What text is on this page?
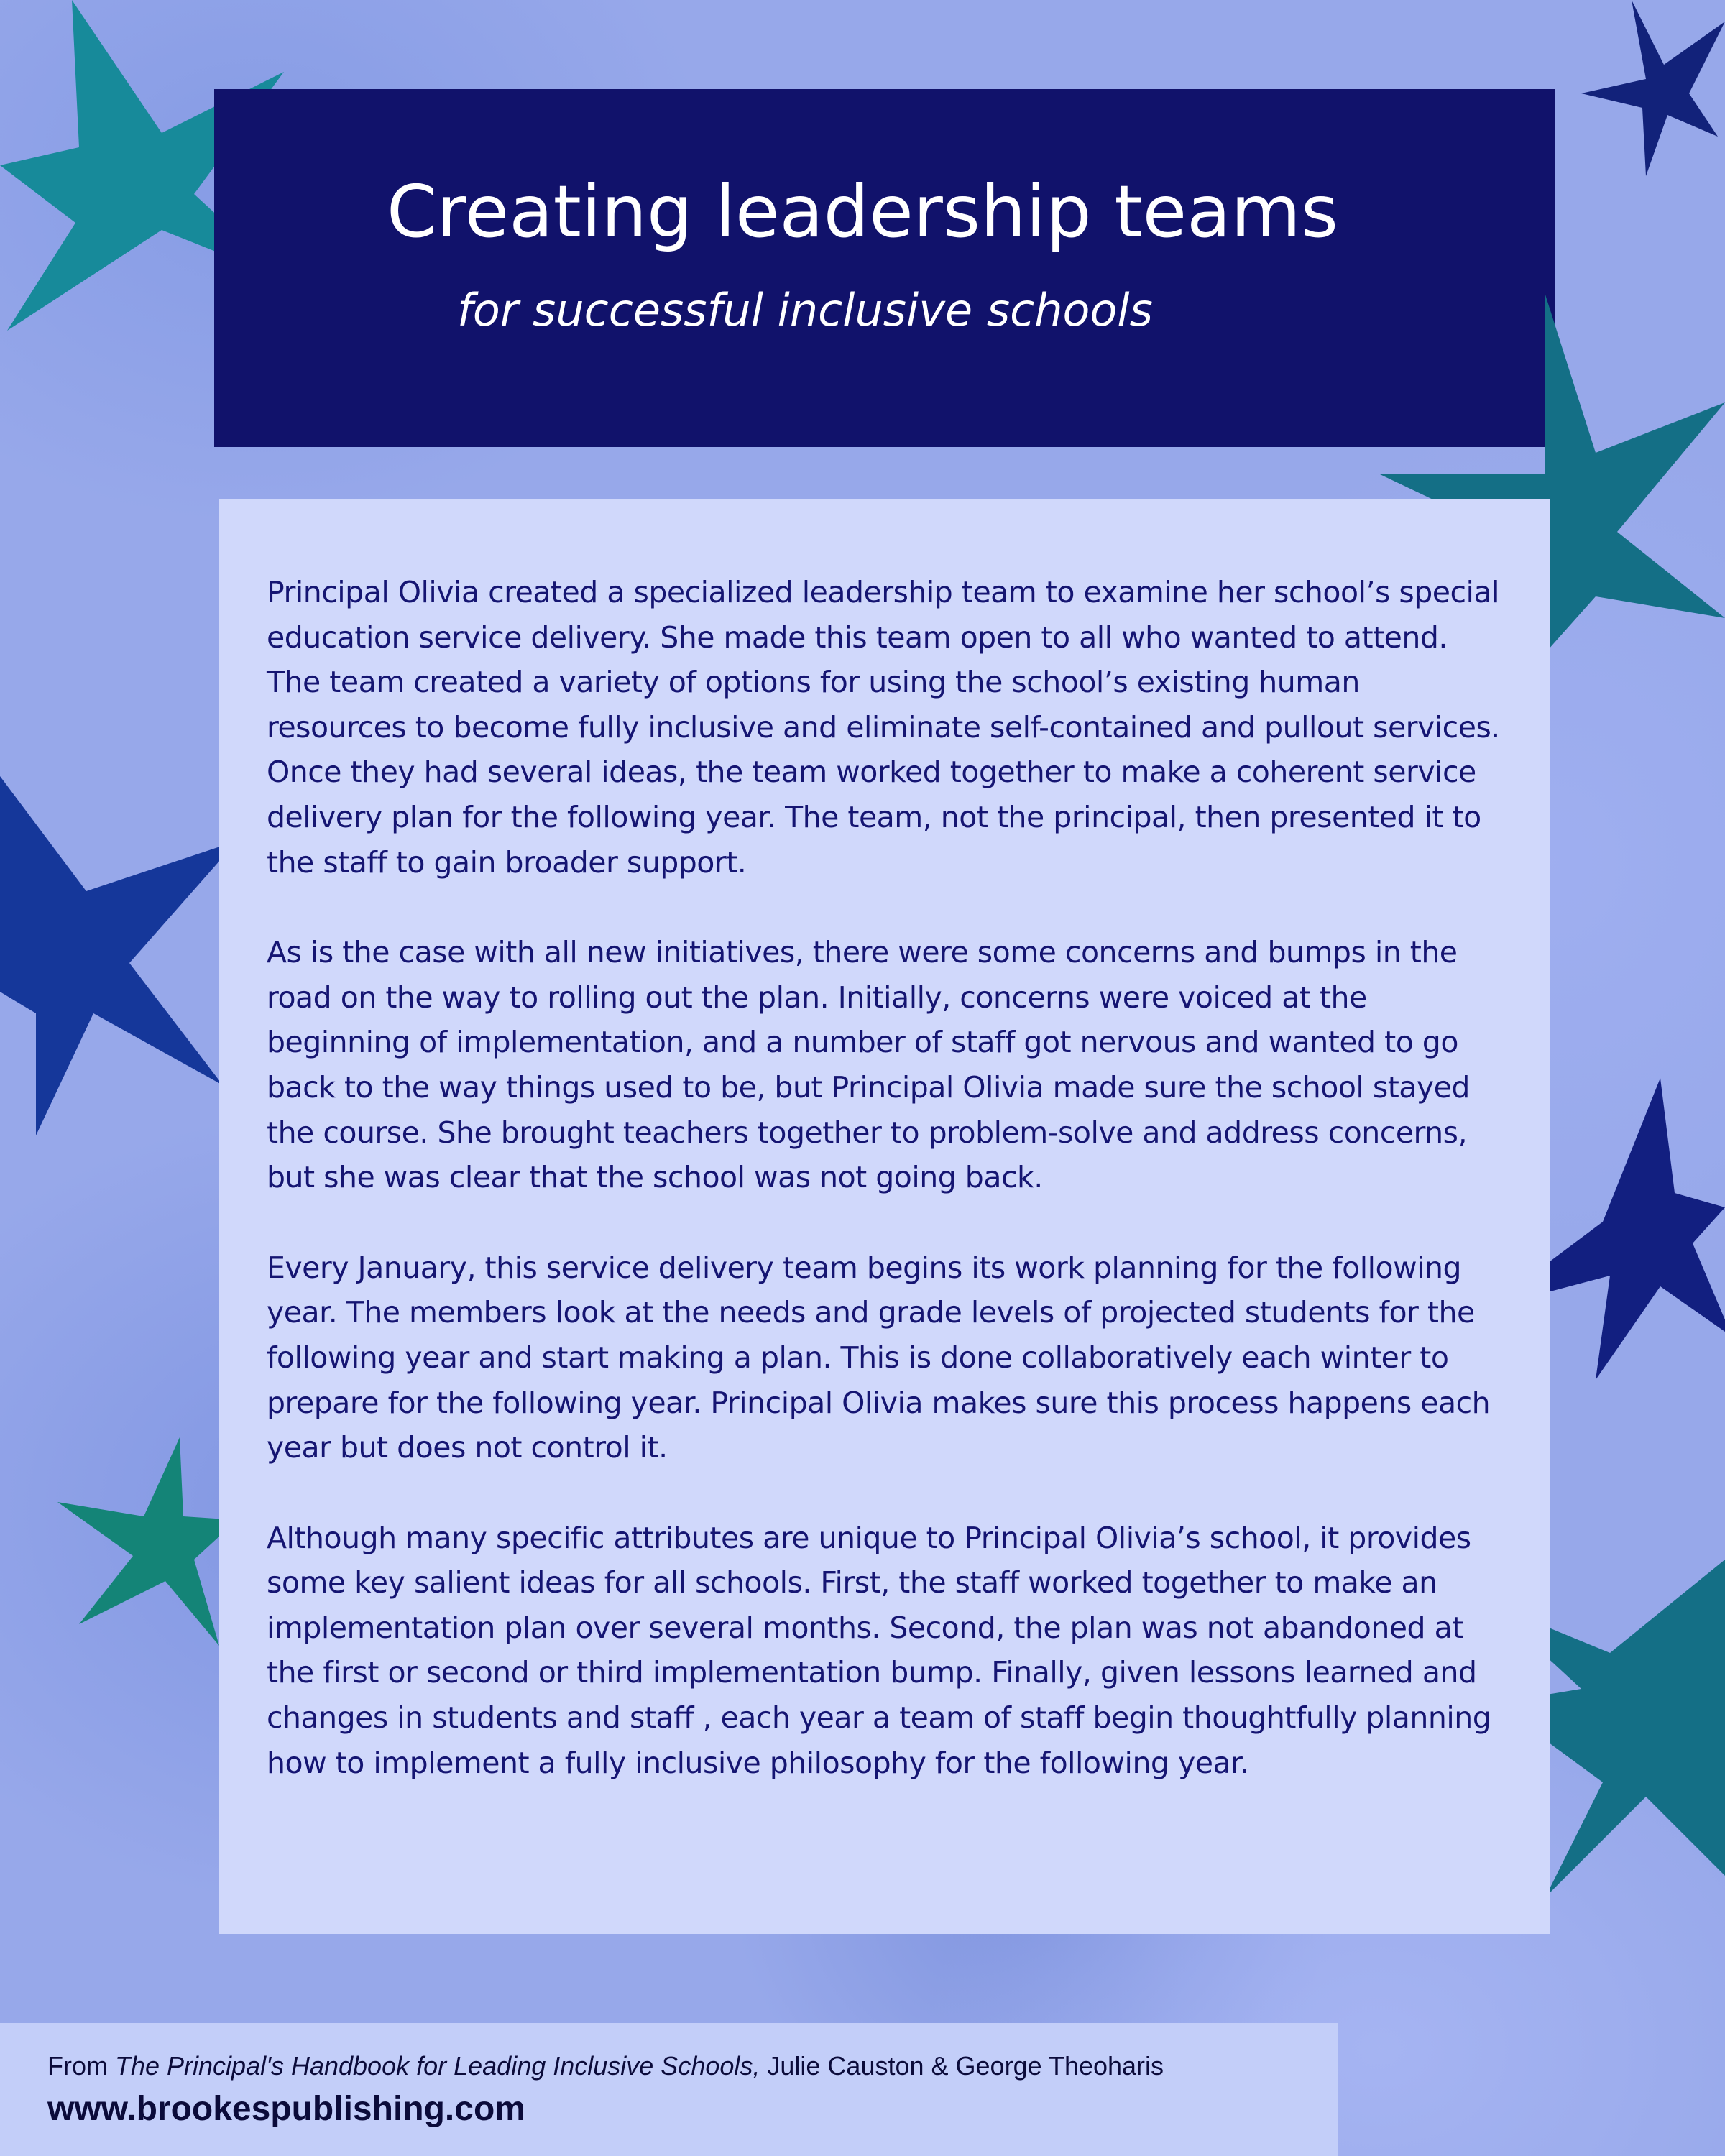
Creating leadership teams
for successful inclusive schools

Principal Olivia created a specialized leadership team to examine her school’s special education service delivery. She made this team open to all who wanted to attend. The team created a variety of options for using the school’s existing human resources to become fully inclusive and eliminate self-contained and pullout services. Once they had several ideas, the team worked together to make a coherent service delivery plan for the following year. The team, not the principal, then presented it to the staff to gain broader support.

As is the case with all new initiatives, there were some concerns and bumps in the road on the way to rolling out the plan. Initially, concerns were voiced at the beginning of implementation, and a number of staff got nervous and wanted to go back to the way things used to be, but Principal Olivia made sure the school stayed the course. She brought teachers together to problem-solve and address concerns, but she was clear that the school was not going back.

Every January, this service delivery team begins its work planning for the following year. The members look at the needs and grade levels of projected students for the following year and start making a plan. This is done collaboratively each winter to prepare for the following year. Principal Olivia makes sure this process happens each year but does not control it.

Although many specific attributes are unique to Principal Olivia’s school, it provides some key salient ideas for all schools. First, the staff worked together to make an implementation plan over several months. Second, the plan was not abandoned at the first or second or third implementation bump. Finally, given lessons learned and changes in students and staff , each year a team of staff begin thoughtfully planning how to implement a fully inclusive philosophy for the following year.

From The Principal's Handbook for Leading Inclusive Schools, Julie Causton & George Theoharis
www.brookespublishing.com
